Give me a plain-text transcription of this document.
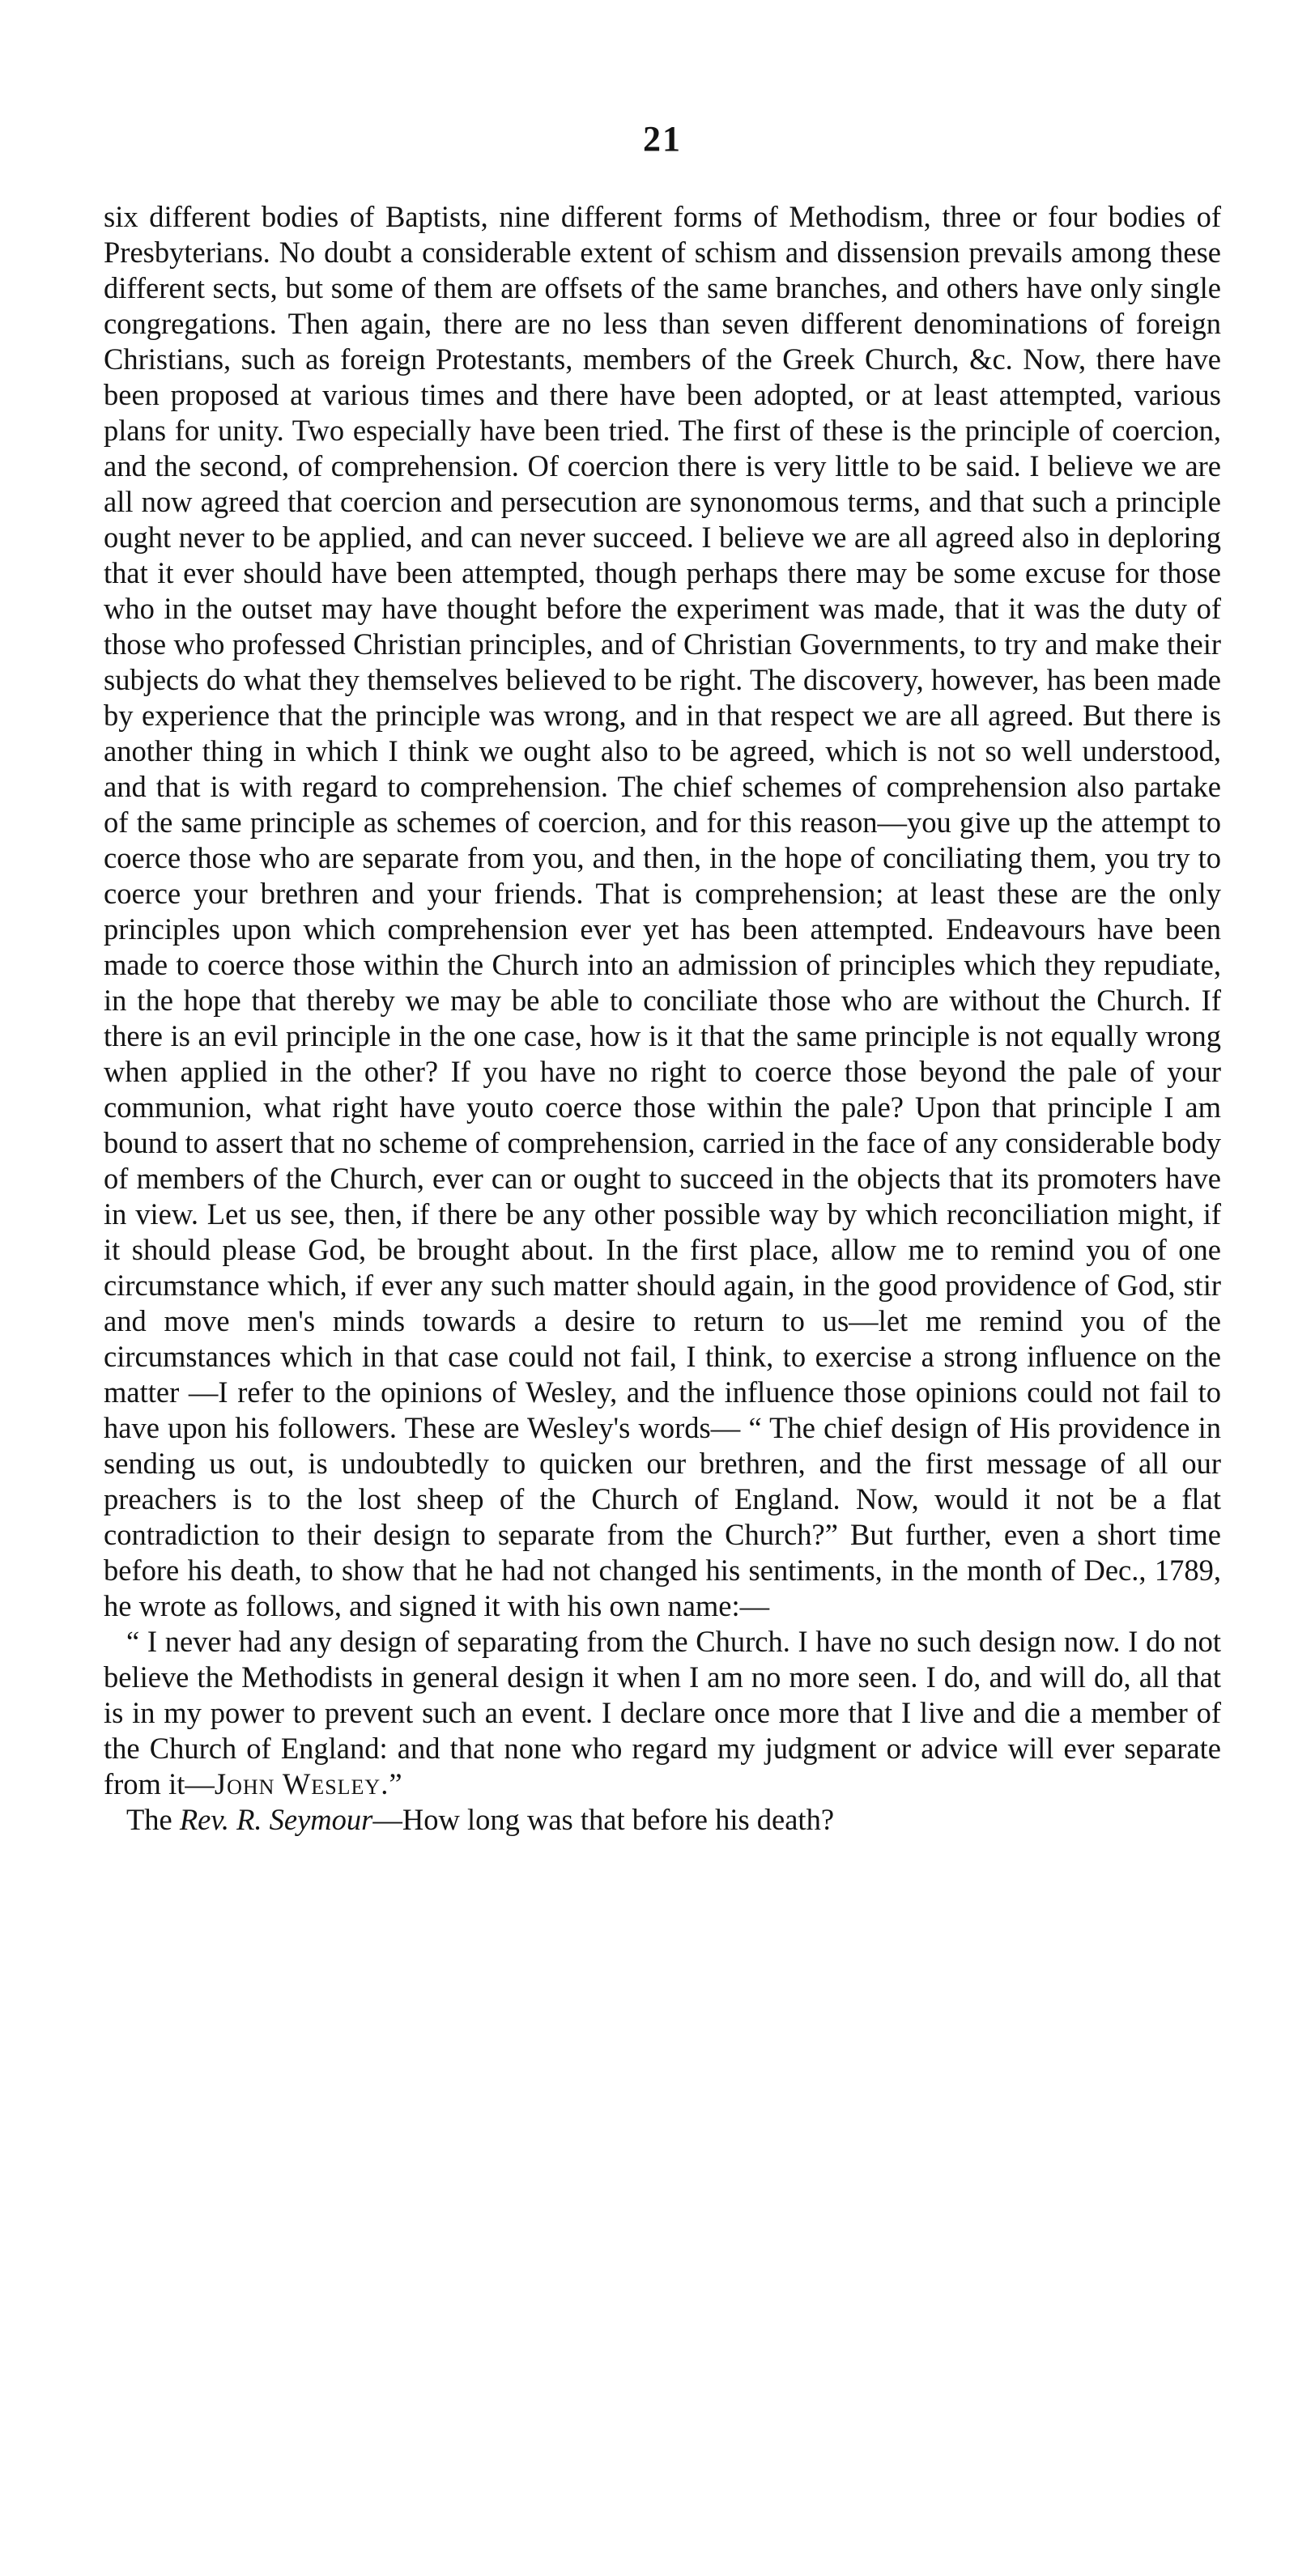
21

six different bodies of Baptists, nine different forms of Methodism, three or four bodies of Presbyterians. No doubt a considerable extent of schism and dissension prevails among these different sects, but some of them are offsets of the same branches, and others have only single congregations. Then again, there are no less than seven different denominations of foreign Christians, such as foreign Protestants, members of the Greek Church, &c. Now, there have been proposed at various times and there have been adopted, or at least attempted, various plans for unity. Two especially have been tried. The first of these is the principle of coercion, and the second, of comprehension. Of coercion there is very little to be said. I believe we are all now agreed that coercion and persecution are synonomous terms, and that such a principle ought never to be applied, and can never succeed. I believe we are all agreed also in deploring that it ever should have been attempted, though perhaps there may be some excuse for those who in the outset may have thought before the experiment was made, that it was the duty of those who professed Christian principles, and of Christian Governments, to try and make their subjects do what they themselves believed to be right. The discovery, however, has been made by experience that the principle was wrong, and in that respect we are all agreed. But there is another thing in which I think we ought also to be agreed, which is not so well understood, and that is with regard to comprehension. The chief schemes of comprehension also partake of the same principle as schemes of coercion, and for this reason—you give up the attempt to coerce those who are separate from you, and then, in the hope of conciliating them, you try to coerce your brethren and your friends. That is comprehension; at least these are the only principles upon which comprehension ever yet has been attempted. Endeavours have been made to coerce those within the Church into an admission of principles which they repudiate, in the hope that thereby we may be able to conciliate those who are without the Church. If there is an evil principle in the one case, how is it that the same principle is not equally wrong when applied in the other? If you have no right to coerce those beyond the pale of your communion, what right have youto coerce those within the pale? Upon that principle I am bound to assert that no scheme of comprehension, carried in the face of any considerable body of members of the Church, ever can or ought to succeed in the objects that its promoters have in view. Let us see, then, if there be any other possible way by which reconciliation might, if it should please God, be brought about. In the first place, allow me to remind you of one circumstance which, if ever any such matter should again, in the good providence of God, stir and move men's minds towards a desire to return to us—let me remind you of the circumstances which in that case could not fail, I think, to exercise a strong influence on the matter —I refer to the opinions of Wesley, and the influence those opinions could not fail to have upon his followers. These are Wesley's words— “ The chief design of His providence in sending us out, is undoubtedly to quicken our brethren, and the first message of all our preachers is to the lost sheep of the Church of England. Now, would it not be a flat contradiction to their design to separate from the Church?” But further, even a short time before his death, to show that he had not changed his sentiments, in the month of Dec., 1789, he wrote as follows, and signed it with his own name:—

“ I never had any design of separating from the Church. I have no such design now. I do not believe the Methodists in general design it when I am no more seen. I do, and will do, all that is in my power to prevent such an event. I declare once more that I live and die a member of the Church of England: and that none who regard my judgment or advice will ever separate from it—John Wesley.”

The Rev. R. Seymour—How long was that before his death?
